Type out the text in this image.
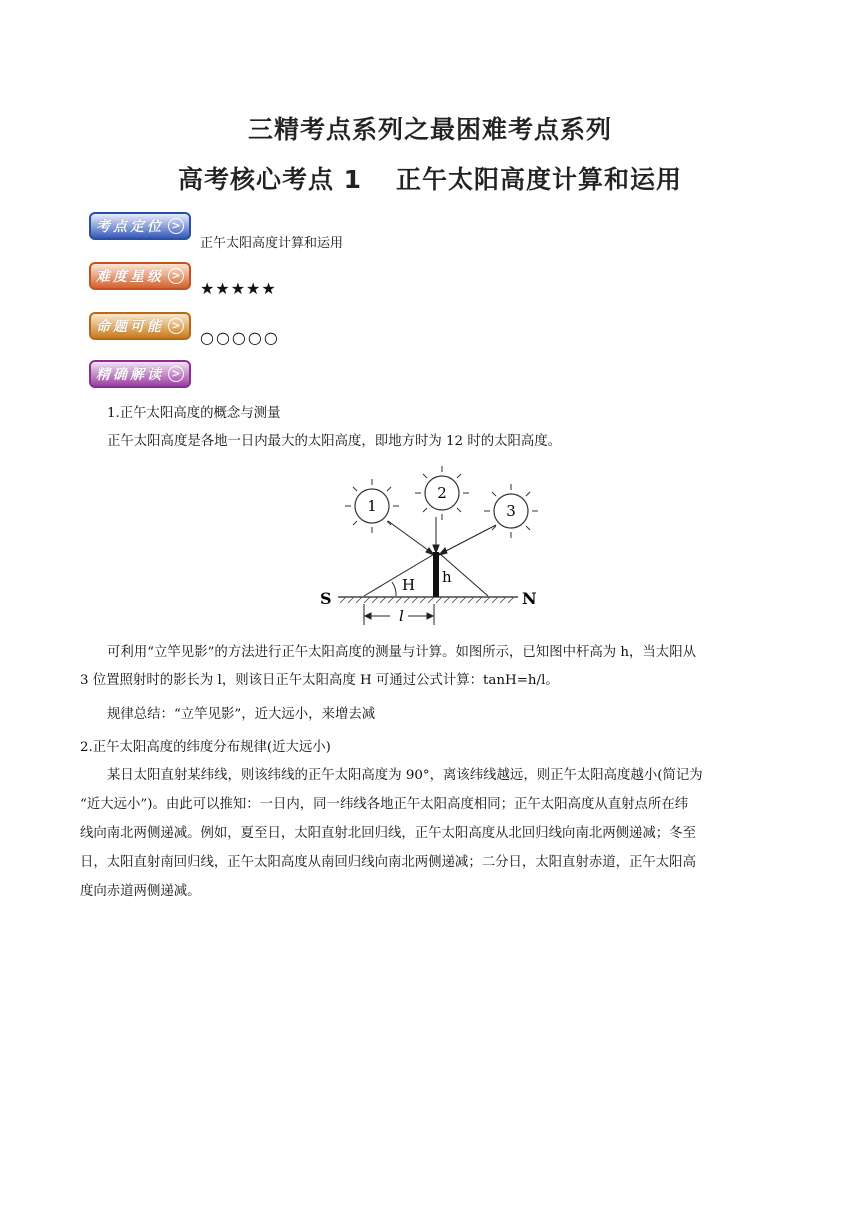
三精考点系列之最困难考点系列
高考核心考点 1 正午太阳高度计算和运用
考点定位 >
正午太阳高度计算和运用
难度星级 >
★★★★★
命题可能 >
○○○○○
精确解读 >
1.正午太阳高度的概念与测量
正午太阳高度是各地一日内最大的太阳高度，即地方时为 12 时的太阳高度。
1
2
3
S	N
H h
l
可利用“立竿见影”的方法进行正午太阳高度的测量与计算。如图所示，已知图中杆高为 h，当太阳从
3 位置照射时的影长为 l，则该日正午太阳高度 H 可通过公式计算：tanH=h/l。
规律总结：“立竿见影”，近大远小，来增去减
2.正午太阳高度的纬度分布规律(近大远小)
某日太阳直射某纬线，则该纬线的正午太阳高度为 90°，离该纬线越远，则正午太阳高度越小(简记为
“近大远小”)。由此可以推知：一日内，同一纬线各地正午太阳高度相同；正午太阳高度从直射点所在纬
线向南北两侧递减。例如，夏至日，太阳直射北回归线，正午太阳高度从北回归线向南北两侧递减；冬至
日，太阳直射南回归线，正午太阳高度从南回归线向南北两侧递减；二分日，太阳直射赤道，正午太阳高
度向赤道两侧递减。
